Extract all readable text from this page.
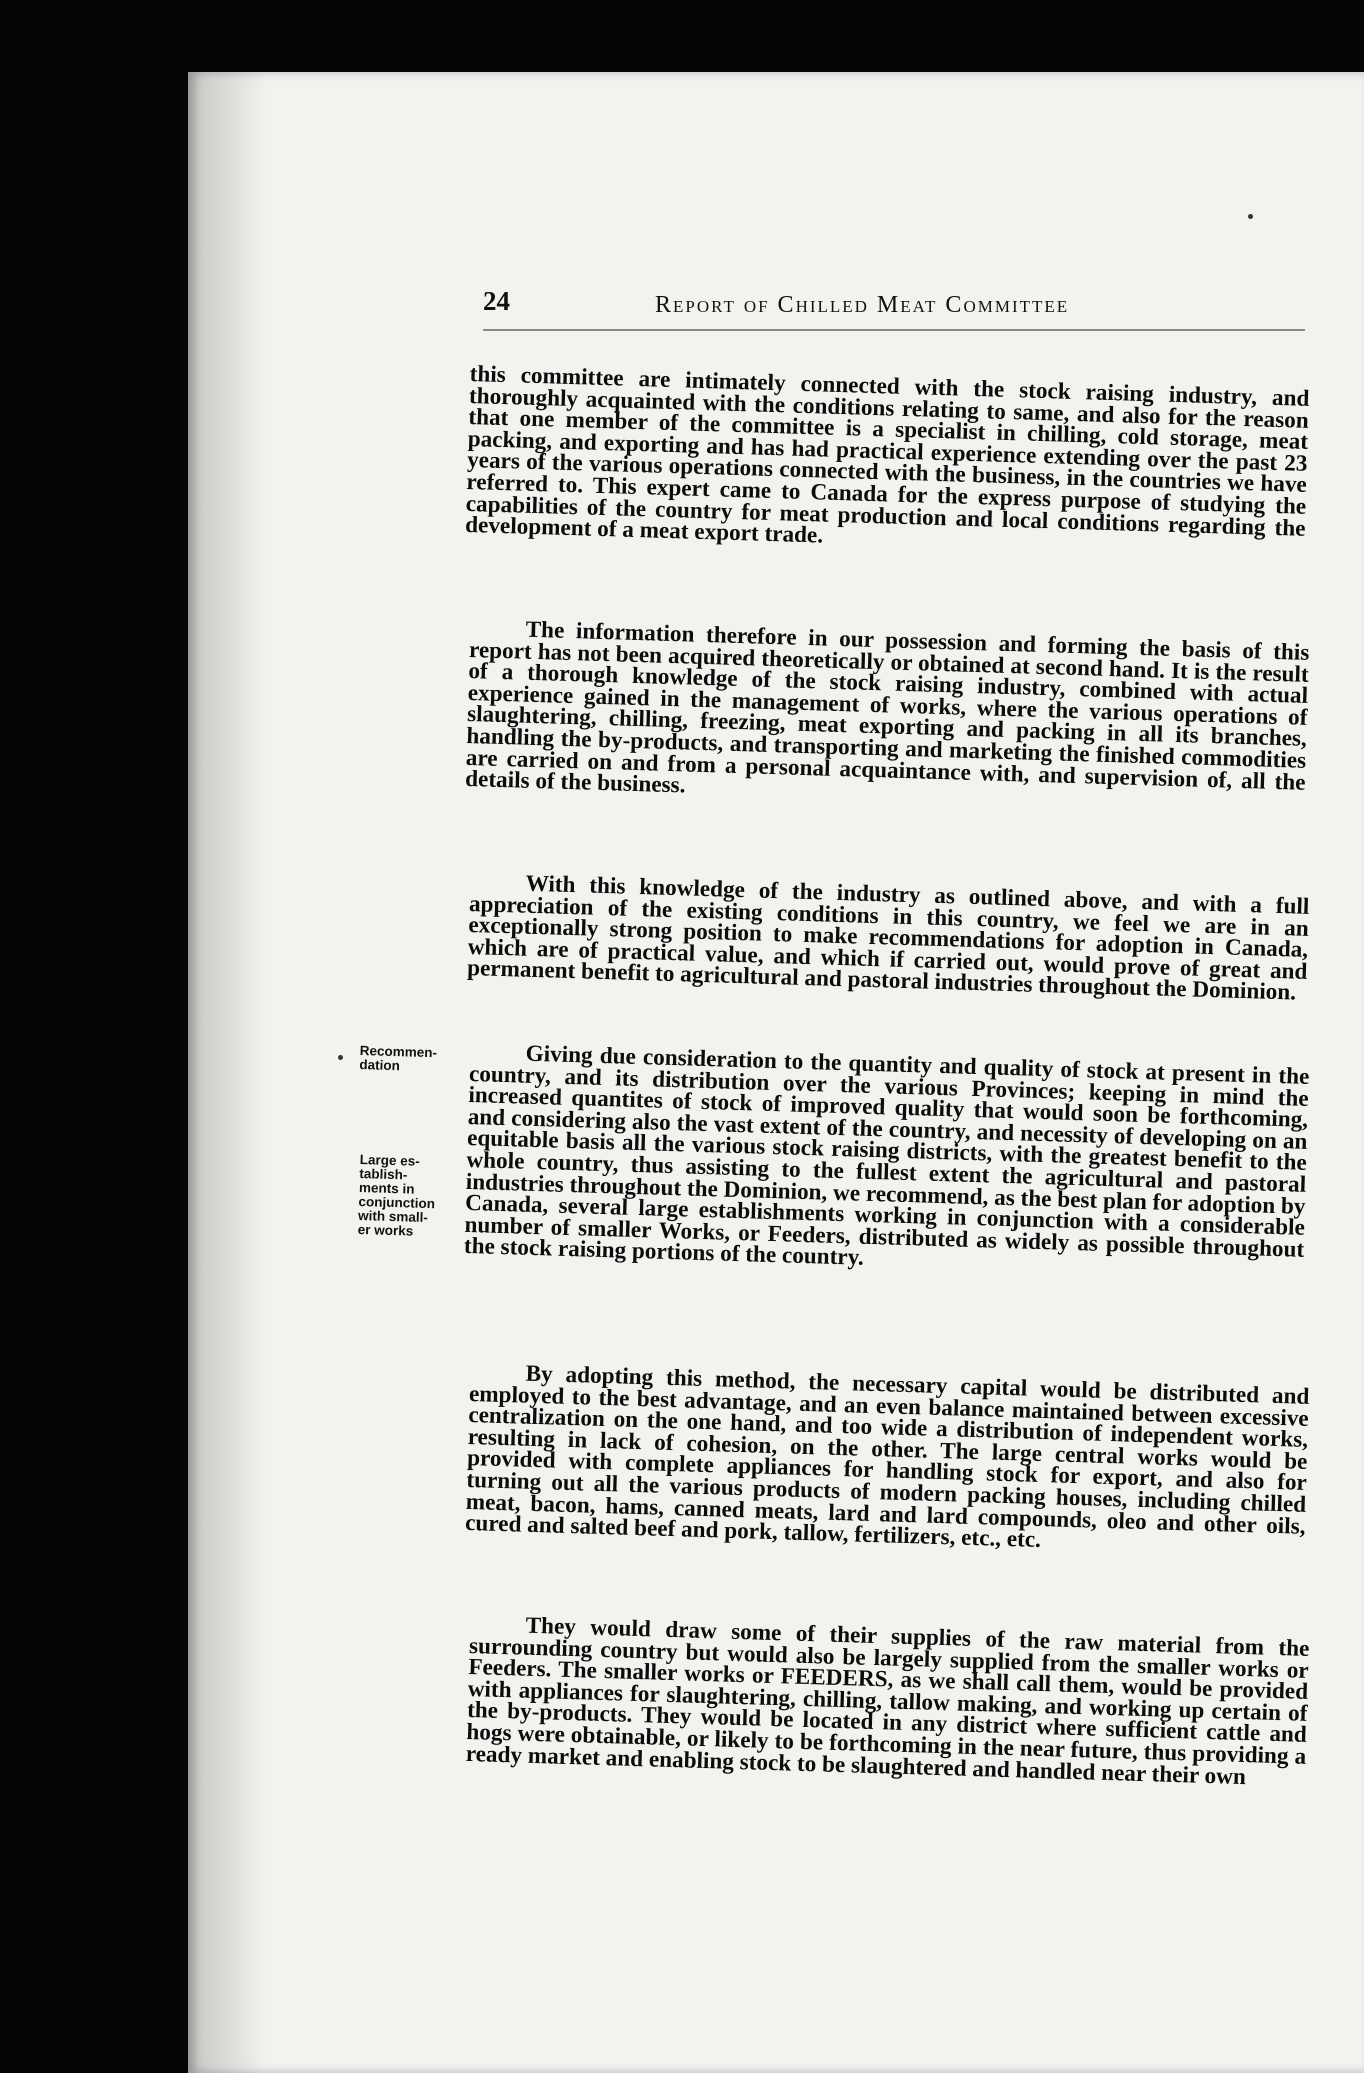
24	Report of Chilled Meat Committee
Recommen-
dation
Large es-
tablish-
ments in
conjunction
with small-
er works

this committee are intimately connected with the stock raising industry, and thoroughly acquainted with the conditions relating to same, and also for the reason that one member of the committee is a specialist in chilling, cold storage, meat packing, and exporting and has had practical experience extending over the past 23 years of the various operations connected with the business, in the countries we have referred to. This expert came to Canada for the express purpose of studying the capabilities of the country for meat production and local conditions regarding the development of a meat export trade.

The information therefore in our possession and forming the basis of this report has not been acquired theoretically or obtained at second hand. It is the result of a thorough knowledge of the stock raising industry, combined with actual experience gained in the management of works, where the various operations of slaughtering, chilling, freezing, meat exporting and packing in all its branches, handling the by-products, and transporting and marketing the finished commodities are carried on and from a personal acquaintance with, and supervision of, all the details of the business.

With this knowledge of the industry as outlined above, and with a full appreciation of the existing conditions in this country, we feel we are in an exceptionally strong position to make recommendations for adoption in Canada, which are of practical value, and which if carried out, would prove of great and permanent benefit to agricultural and pastoral industries throughout the Dominion.

Giving due consideration to the quantity and quality of stock at present in the country, and its distribution over the various Provinces; keeping in mind the increased quantites of stock of improved quality that would soon be forthcoming, and considering also the vast extent of the country, and necessity of developing on an equitable basis all the various stock raising districts, with the greatest benefit to the whole country, thus assisting to the fullest extent the agricultural and pastoral industries throughout the Dominion, we recommend, as the best plan for adoption by Canada, several large establishments working in conjunction with a considerable number of smaller Works, or Feeders, distributed as widely as possible throughout the stock raising portions of the country.

By adopting this method, the necessary capital would be distributed and employed to the best advantage, and an even balance maintained between excessive centralization on the one hand, and too wide a distribution of independent works, resulting in lack of cohesion, on the other. The large central works would be provided with complete appliances for handling stock for export, and also for turning out all the various products of modern packing houses, including chilled meat, bacon, hams, canned meats, lard and lard compounds, oleo and other oils, cured and salted beef and pork, tallow, fertilizers, etc., etc.

They would draw some of their supplies of the raw material from the surrounding country but would also be largely supplied from the smaller works or Feeders. The smaller works or FEEDERS, as we shall call them, would be provided with appliances for slaughtering, chilling, tallow making, and working up certain of the by-products. They would be located in any district where sufficient cattle and hogs were obtainable, or likely to be forthcoming in the near future, thus providing a ready market and enabling stock to be slaughtered and handled near their own
